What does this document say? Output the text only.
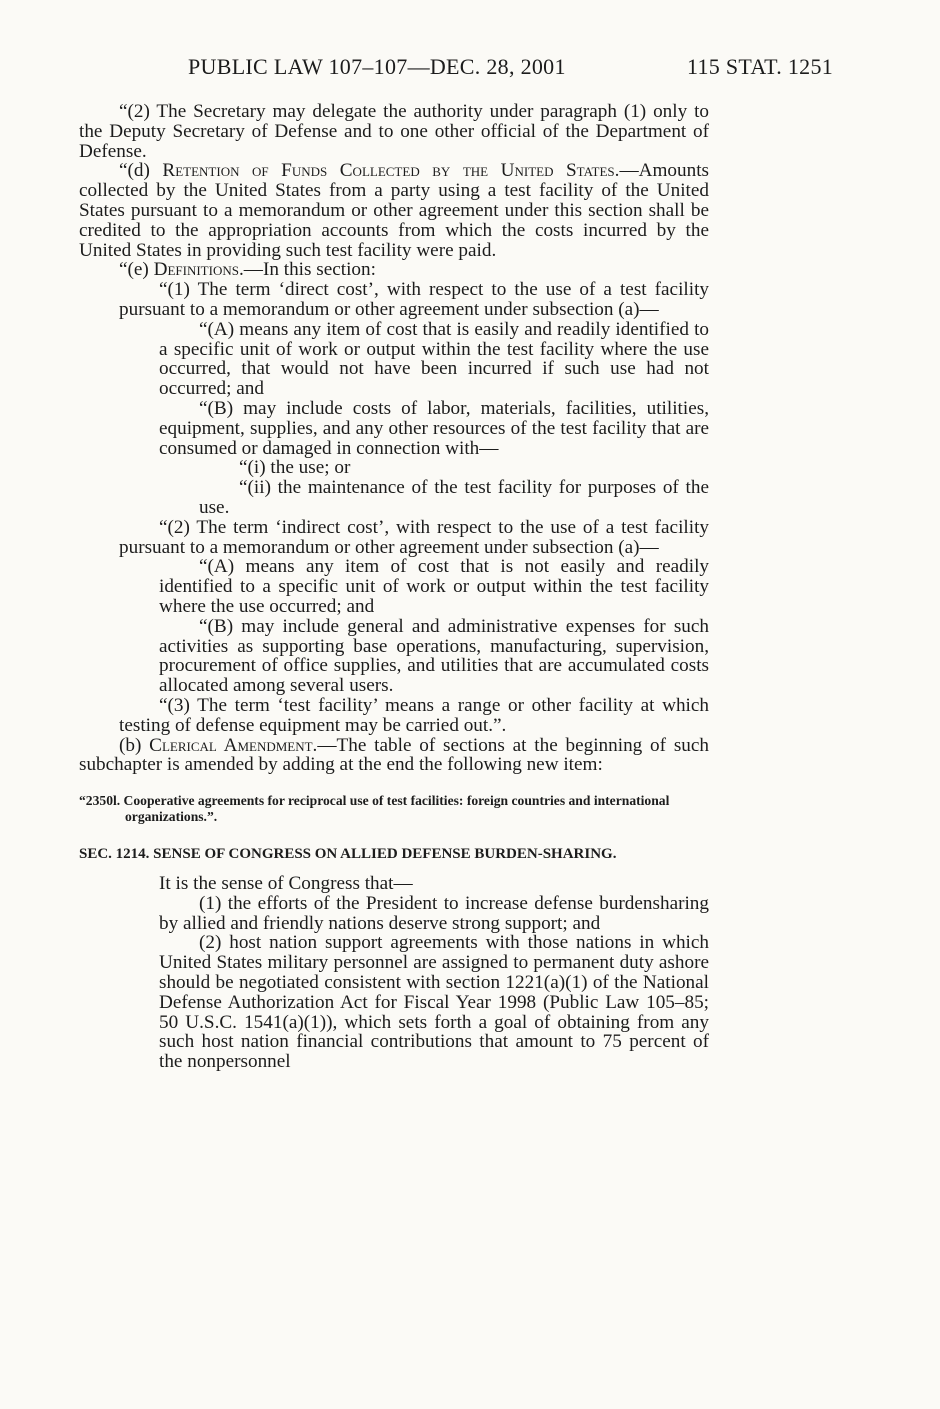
PUBLIC LAW 107–107—DEC. 28, 2001	115 STAT. 1251

“(2) The Secretary may delegate the authority under paragraph (1) only to the Deputy Secretary of Defense and to one other official of the Department of Defense.

“(d) Retention of Funds Collected by the United States.—Amounts collected by the United States from a party using a test facility of the United States pursuant to a memorandum or other agreement under this section shall be credited to the appropriation accounts from which the costs incurred by the United States in providing such test facility were paid.

“(e) Definitions.—In this section:

“(1) The term ‘direct cost’, with respect to the use of a test facility pursuant to a memorandum or other agreement under subsection (a)—

“(A) means any item of cost that is easily and readily identified to a specific unit of work or output within the test facility where the use occurred, that would not have been incurred if such use had not occurred; and

“(B) may include costs of labor, materials, facilities, utilities, equipment, supplies, and any other resources of the test facility that are consumed or damaged in connection with—

“(i) the use; or

“(ii) the maintenance of the test facility for purposes of the use.

“(2) The term ‘indirect cost’, with respect to the use of a test facility pursuant to a memorandum or other agreement under subsection (a)—

“(A) means any item of cost that is not easily and readily identified to a specific unit of work or output within the test facility where the use occurred; and

“(B) may include general and administrative expenses for such activities as supporting base operations, manufacturing, supervision, procurement of office supplies, and utilities that are accumulated costs allocated among several users.

“(3) The term ‘test facility’ means a range or other facility at which testing of defense equipment may be carried out.”.

(b) Clerical Amendment.—The table of sections at the beginning of such subchapter is amended by adding at the end the following new item:

“2350l. Cooperative agreements for reciprocal use of test facilities: foreign countries and international organizations.”.

SEC. 1214. SENSE OF CONGRESS ON ALLIED DEFENSE BURDEN-SHARING.

It is the sense of Congress that—

(1) the efforts of the President to increase defense burdensharing by allied and friendly nations deserve strong support; and

(2) host nation support agreements with those nations in which United States military personnel are assigned to permanent duty ashore should be negotiated consistent with section 1221(a)(1) of the National Defense Authorization Act for Fiscal Year 1998 (Public Law 105–85; 50 U.S.C. 1541(a)(1)), which sets forth a goal of obtaining from any such host nation financial contributions that amount to 75 percent of the nonpersonnel
